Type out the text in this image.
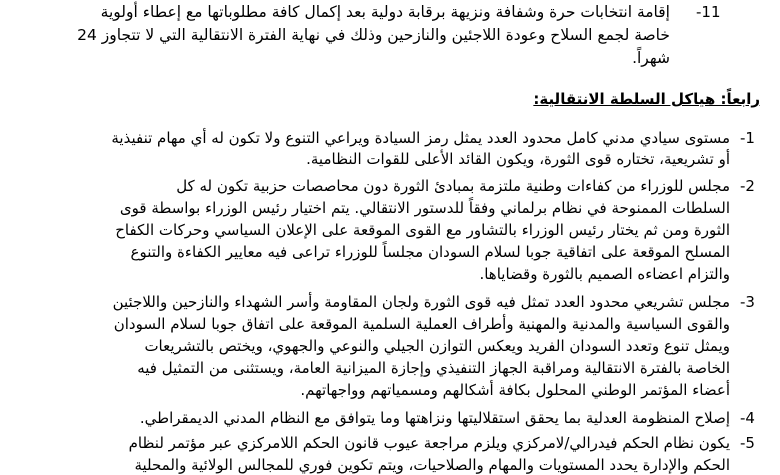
-11
إقامة انتخابات حرة وشفافة ونزيهة برقابة دولية بعد إكمال كافة مطلوباتها مع إعطاء أولوية
خاصة لجمع السلاح وعودة اللاجئين والنازحين وذلك في نهاية الفترة الانتقالية التي لا تتجاوز 24
شهراً.
رابعاً: هياكل السلطة الانتقالية:
-1
مستوى سيادي مدني كامل محدود العدد يمثل رمز السيادة ويراعي التنوع ولا تكون له أي مهام تنفيذية
أو تشريعية، تختاره قوى الثورة، ويكون القائد الأعلى للقوات النظامية.
-2
مجلس للوزراء من كفاءات وطنية ملتزمة بمبادئ الثورة دون محاصصات حزبية تكون له كل
السلطات الممنوحة في نظام برلماني وفقاً للدستور الانتقالي. يتم اختيار رئيس الوزراء بواسطة قوى
الثورة ومن ثم يختار رئيس الوزراء بالتشاور مع القوى الموقعة على الإعلان السياسي وحركات الكفاح
المسلح الموقعة على اتفاقية جوبا لسلام السودان مجلساً للوزراء تراعى فيه معايير الكفاءة والتنوع
والتزام اعضاءه الصميم بالثورة وقضاياها.
-3
مجلس تشريعي محدود العدد تمثل فيه قوى الثورة ولجان المقاومة وأسر الشهداء والنازحين واللاجئين
والقوى السياسية والمدنية والمهنية وأطراف العملية السلمية الموقعة على اتفاق جوبا لسلام السودان
ويمثل تنوع وتعدد السودان الفريد ويعكس التوازن الجيلي والنوعي والجهوي، ويختص بالتشريعات
الخاصة بالفترة الانتقالية ومراقبة الجهاز التنفيذي وإجازة الميزانية العامة، ويستثنى من التمثيل فيه
أعضاء المؤتمر الوطني المحلول بكافة أشكالهم ومسمياتهم وواجهاتهم.
-4
إصلاح المنظومة العدلية بما يحقق استقلاليتها ونزاهتها وما يتوافق مع النظام المدني الديمقراطي.
-5
يكون نظام الحكم فيدرالي/لامركزي ويلزم مراجعة عيوب قانون الحكم اللامركزي عبر مؤتمر لنظام
الحكم والإدارة يحدد المستويات والمهام والصلاحيات، ويتم تكوين فوري للمجالس الولائية والمحلية
